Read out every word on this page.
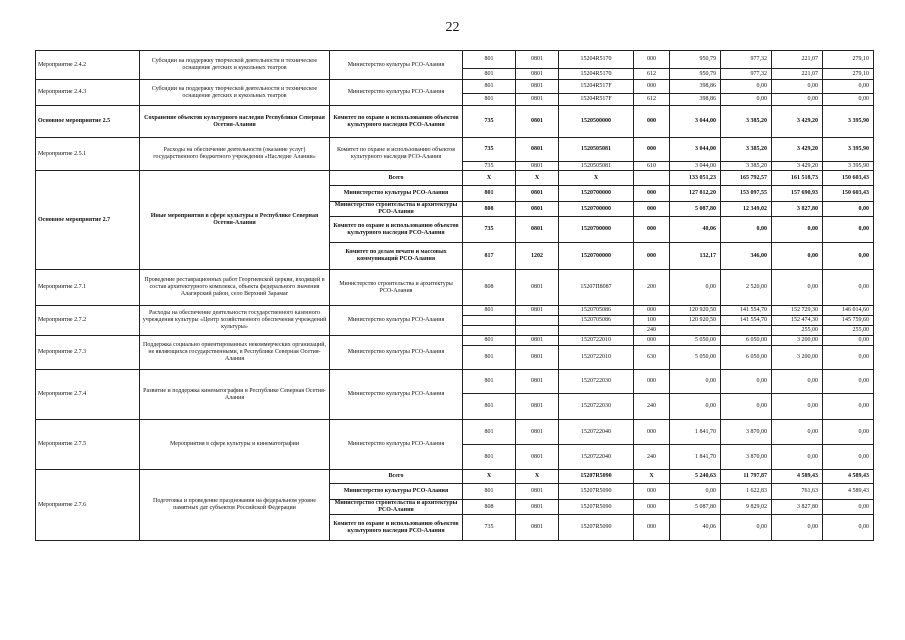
22
Мероприятие 2.4.2	Субсидии на поддержку творческой деятельности и техническое оснащение детских и кукольных театров	Министерство культуры РСО-Алания	801	0801	15204R5170	000	950,79	977,32	221,07	279,10
			801	0801	15204R5170	612	950,79	977,32	221,07	279,10
Мероприятие 2.4.3	Субсидии на поддержку творческой деятельности и техническое оснащение детских и кукольных театров	Министерство культуры РСО-Алания	801	0801	15204R517F	000	398,86	0,00	0,00	0,00
			801	0801	15204R517F	612	398,86	0,00	0,00	0,00
Основное мероприятие 2.5	Сохранение объектов культурного наследия Республики Северная Осетия-Алания	Комитет по охране и использованию объектов культурного наследия РСО-Алания	735	0801	1520500000	000	3 044,00	3 385,20	3 429,20	3 395,90
Мероприятие 2.5.1	Расходы на обеспечение деятельности (оказание услуг) государственного бюджетного учреждения «Наследие Алании»	Комитет по охране и использованию объектов культурного наследия РСО-Алания	735	0801	1520505081	000	3 044,00	3 385,20	3 429,20	3 395,90
			735	0801	1520505081	610	3 044,00	3 385,20	3 429,20	3 395,90
Основное мероприятие 2.7	Иные мероприятия в сфере культуры в Республике Северная Осетия-Алания	Всего	X	X	X		133 051,23	165 792,57	161 518,73	150 603,43
		Министерство культуры РСО-Алания	801	0801	1520700000	000	127 812,20	153 097,55	157 690,93	150 603,43
		Министерство строительства и архитектуры РСО-Алания	808	0801	1520700000	000	5 087,80	12 349,02	3 827,80	0,00
		Комитет по охране и использованию объектов культурного наследия РСО-Алания	735	0801	1520700000	000	40,06	0,00	0,00	0,00
		Комитет по делам печати и массовых коммуникаций РСО-Алания	817	1202	1520700000	000	132,17	346,00	0,00	0,00
Мероприятие 2.7.1	Проведение реставрационных работ Георгиевской церкви, входящей в состав архитектурного комплекса, объекта федерального значения Алагирский район, село Верхний Зарамаг	Министерство строительства и архитектуры РСО-Алания	808	0801	15207П8087	200	0,00	2 520,00	0,00	0,00
Мероприятие 2.7.2	Расходы на обеспечение деятельности государственного казенного учреждения культуры «Центр хозяйственного обеспечения учреждений культуры»	Министерство культуры РСО-Алания	801	0801	1520705086	000	120 920,50	141 554,70	152 729,30	146 014,60
					1520705086	100	120 920,50	141 554,70	152 474,30	145 759,60
						240			255,00	255,00
Мероприятие 2.7.3	Поддержка социально ориентированных некоммерческих организаций, не являющихся государственными, в Республике Северная Осетия-Алания	Министерство культуры РСО-Алания	801	0801	1520722010	000	5 050,00	6 050,00	3 200,00	0,00
			801	0801	1520722010	630	5 050,00	6 050,00	3 200,00	0,00
Мероприятие 2.7.4	Развитие и поддержка кинематографии в Республике Северная Осетия-Алания	Министерство культуры РСО-Алания	801	0801	1520722030	000	0,00	0,00	0,00	0,00
			801	0801	1520722030	240	0,00	0,00	0,00	0,00
Мероприятие 2.7.5	Мероприятия в сфере культуры и кинематографии	Министерство культуры РСО-Алания	801	0801	1520722040	000	1 841,70	3 870,00	0,00	0,00
			801	0801	1520722040	240	1 841,70	3 870,00	0,00	0,00
Мероприятие 2.7.6	Подготовка и проведение празднования на федеральном уровне памятных дат субъектов Российской Федерации	Всего	X	X	15207R5090	X	5 240,63	11 797,87	4 589,43	4 589,43
		Министерство культуры РСО-Алания	801	0801	15207R5090	000	0,00	1 622,83	761,63	4 589,43
		Министерство строительства и архитектуры РСО-Алания	808	0801	15207R5090	000	5 087,80	9 829,02	3 827,80	0,00
		Комитет по охране и использованию объектов культурного наследия РСО-Алания	735	0801	15207R5090	000	40,06	0,00	0,00	0,00
